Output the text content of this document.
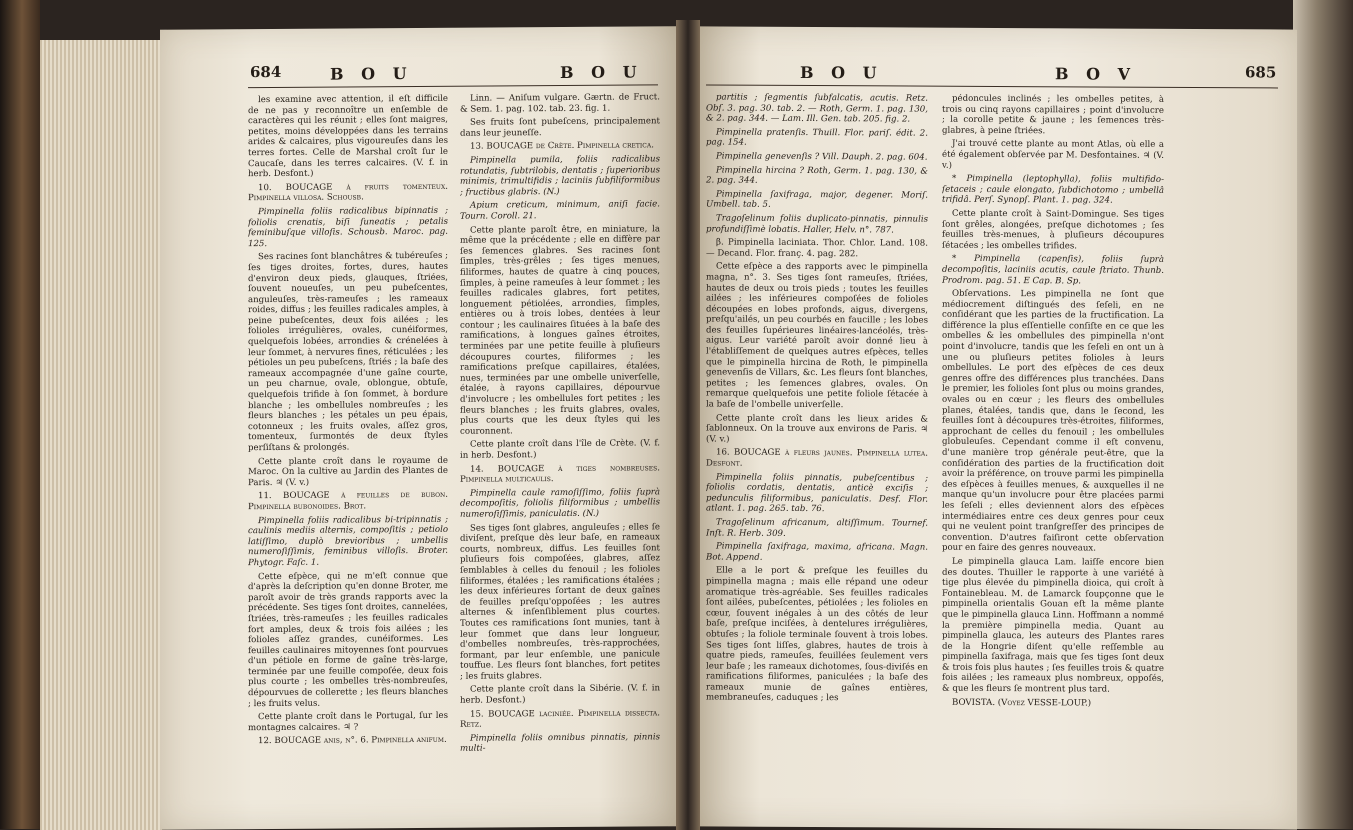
684	B O U	B O U

les examine avec attention, il eſt difficile de ne pas y reconnoître un enſemble de caractères qui les réunit ; elles ſont maigres, petites, moins développées dans les terrains arides & calcaires, plus vigoureuſes dans les terres fortes. Celle de Marshal croît ſur le Caucaſe, dans les terres calcaires. (V. f. in herb. Desfont.)

10. BOUCAGE à fruits tomenteux. Pimpinella villoſa. Schousb.

Pimpinella foliis radicalibus bipinnatis ; foliolis crenatis, biſi ſuneatis ; petalis feminibuſque villoſis. Schousb. Maroc. pag. 125.

Ses racines ſont blanchâtres & tubéreuſes ; ſes tiges droites, fortes, dures, hautes d'environ deux pieds, glauques, ſtriées, ſouvent noueuſes, un peu pubeſcentes, anguleuſes, très-rameuſes ; les rameaux roides, diffus ; les feuilles radicales amples, à peine pubeſcentes, deux fois ailées ; les folioles irrégulières, ovales, cunéiformes, quelquefois lobées, arrondies & crénelées à leur ſommet, à nervures fines, réticulées ; les pétioles un peu pubeſcens, ſtriés ; la baſe des rameaux accompagnée d'une gaîne courte, un peu charnue, ovale, oblongue, obtuſe, quelquefois trifide à ſon ſommet, à bordure blanche ; les ombellules nombreuſes ; les fleurs blanches ; les pétales un peu épais, cotonneux ; les fruits ovales, aſſez gros, tomenteux, ſurmontés de deux ſtyles perſiſtans & prolongés.

Cette plante croît dans le royaume de Maroc. On la cultive au Jardin des Plantes de Paris. ♃ (V. v.)

11. BOUCAGE à feuilles de bubon. Pimpinella bubonoides. Brot.

Pimpinella foliis radicalibus bi-tripinnatis ; caulinis mediis alternis, compoſitis ; petiolo latiſſimo, duplò brevioribus ; umbellis numeroſiſſimis, feminibus villoſis. Broter. Phytogr. Faſc. 1.

Cette eſpèce, qui ne m'eſt connue que d'après la deſcription qu'en donne Broter, me paroît avoir de très grands rapports avec la précédente. Ses tiges ſont droites, cannelées, ſtriées, très-rameuſes ; les feuilles radicales fort amples, deux & trois fois ailées ; les folioles aſſez grandes, cunéiformes. Les feuilles caulinaires mitoyennes ſont pourvues d'un pétiole en forme de gaîne très-large, terminée par une feuille compoſée, deux fois plus courte ; les ombelles très-nombreuſes, dépourvues de collerette ; les fleurs blanches ; les fruits velus.

Cette plante croît dans le Portugal, ſur les montagnes calcaires. ♃ ?

12. BOUCAGE anis, n°. 6. Pimpinella anifum.

Linn. — Aniſum vulgare. Gærtn. de Fruct. & Sem. 1. pag. 102. tab. 23. fig. 1.

Ses fruits ſont pubeſcens, principalement dans leur jeuneſſe.

13. BOUCAGE de Crète. Pimpinella cretica.

Pimpinella pumila, foliis radicalibus rotundatis, ſubtrilobis, dentatis ; ſuperioribus minimis, trimultifidis ; laciniis ſubfiliformibus ; fructibus glabris. (N.)

Apium creticum, minimum, aniſi facie. Tourn. Coroll. 21.

Cette plante paroît être, en miniature, la même que la précédente ; elle en diffère par ſes ſemences glabres. Ses racines ſont ſimples, très-grêles ; ſes tiges menues, filiformes, hautes de quatre à cinq pouces, ſimples, à peine rameuſes à leur ſommet ; les feuilles radicales glabres, fort petites, longuement pétiolées, arrondies, ſimples, entières ou à trois lobes, dentées à leur contour ; les caulinaires ſituées à la baſe des ramifications, à longues gaînes étroites, terminées par une petite feuille à pluſieurs découpures courtes, filiformes ; les ramifications preſque capillaires, étalées, nues, terminées par une ombelle univerſelle, étalée, à rayons capillaires, dépourvue d'involucre ; les ombellules fort petites ; les fleurs blanches ; les fruits glabres, ovales, plus courts que les deux ſtyles qui les couronnent.

Cette plante croît dans l'île de Crète. (V. f. in herb. Desfont.)

14. BOUCAGE à tiges nombreuſes. Pimpinella multicaulis.

Pimpinella caule ramoſiſſimo, foliis ſuprà decompoſitis, foliolis filiformibus ; umbellis numeroſiſſimis, paniculatis. (N.)

Ses tiges ſont glabres, anguleuſes ; elles ſe diviſent, preſque dès leur baſe, en rameaux courts, nombreux, diffus. Les feuilles ſont pluſieurs fois compoſées, glabres, aſſez ſemblables à celles du fenouil ; les folioles filiformes, étalées ; les ramifications étalées ; les deux inférieures ſortant de deux gaînes de feuilles preſqu'oppoſées ; les autres alternes & inſenſiblement plus courtes. Toutes ces ramifications ſont munies, tant à leur ſommet que dans leur longueur, d'ombelles nombreuſes, très-rapprochées, formant, par leur enſemble, une panicule touffue. Les fleurs ſont blanches, fort petites ; les fruits glabres.

Cette plante croît dans la Sibérie. (V. f. in herb. Desfont.)

15. BOUCAGE laciniée. Pimpinella diſſecta. Retz.

Pimpinella foliis omnibus pinnatis, pinnis multi-

B O U	B O V	685

partitis ; ſegmentis ſubfalcatis, acutis. Retz. Obſ. 3. pag. 30. tab. 2. — Roth, Germ. 1. pag. 130, & 2. pag. 344. — Lam. Ill. Gen. tab. 205. fig. 2.

Pimpinella pratenſis. Thuill. Flor. pariſ. édit. 2. pag. 154.

Pimpinella genevenſis ? Vill. Dauph. 2. pag. 604.

Pimpinella hircina ? Roth, Germ. 1. pag. 130, & 2. pag. 344.

Pimpinella ſaxifraga, major, degener. Moriſ. Umbell. tab. 5.

Tragoſelinum foliis duplicato-pinnatis, pinnulis profundiſſimè lobatis. Haller, Helv. n°. 787.

β. Pimpinella laciniata. Thor. Chlor. Land. 108. — Decand. Flor. franç. 4. pag. 282.

Cette eſpèce a des rapports avec le pimpinella magna, n°. 3. Ses tiges ſont rameuſes, ſtriées, hautes de deux ou trois pieds ; toutes les feuilles ailées ; les inférieures compoſées de folioles découpées en lobes profonds, aigus, divergens, preſqu'ailés, un peu courbés en faucille ; les lobes des feuilles ſupérieures linéaires-lancéolés, très-aigus. Leur variété paroît avoir donné lieu à l'établiſſement de quelques autres eſpèces, telles que le pimpinella hircina de Roth, le pimpinella genevenſis de Villars, &c. Les fleurs ſont blanches, petites ; les ſemences glabres, ovales. On remarque quelquefois une petite foliole ſétacée à la baſe de l'ombelle univerſelle.

Cette plante croît dans les lieux arides & ſablonneux. On la trouve aux environs de Paris. ♃ (V. v.)

16. BOUCAGE à fleurs jaunes. Pimpinella lutea. Desfont.

Pimpinella foliis pinnatis, pubeſcentibus ; foliolis cordatis, dentatis, anticè exciſis ; pedunculis filiformibus, paniculatis. Desf. Flor. atlant. 1. pag. 265. tab. 76.

Tragoſelinum africanum, altiſſimum. Tournef. Inſt. R. Herb. 309.

Pimpinella ſaxifraga, maxima, africana. Magn. Bot. Append.

Elle a le port & preſque les feuilles du pimpinella magna ; mais elle répand une odeur aromatique très-agréable. Ses feuilles radicales ſont ailées, pubeſcentes, pétiolées ; les folioles en cœur, ſouvent inégales à un des côtés de leur baſe, preſque inciſées, à dentelures irrégulières, obtuſes ; la foliole terminale ſouvent à trois lobes. Ses tiges ſont liſſes, glabres, hautes de trois à quatre pieds, rameuſes, feuillées ſeulement vers leur baſe ; les rameaux dichotomes, ſous-diviſés en ramifications filiformes, paniculées ; la baſe des rameaux munie de gaînes entières, membraneuſes, caduques ; les

pédoncules inclinés ; les ombelles petites, à trois ou cinq rayons capillaires ; point d'involucre ; la corolle petite & jaune ; les ſemences très-glabres, à peine ſtriées.

J'ai trouvé cette plante au mont Atlas, où elle a été également obſervée par M. Desfontaines. ♃ (V. v.)

* Pimpinella (leptophylla), foliis multifido-ſetaceis ; caule elongato, ſubdichotomo ; umbellâ trifidâ. Perſ. Synopſ. Plant. 1. pag. 324.

Cette plante croît à Saint-Domingue. Ses tiges ſont grêles, alongées, preſque dichotomes ; ſes feuilles très-menues, à pluſieurs découpures ſétacées ; les ombelles trifides.

* Pimpinella (capenſis), foliis ſuprà decompoſitis, laciniis acutis, caule ſtriato. Thunb. Prodrom. pag. 51. E Cap. B. Sp.

Obſervations. Les pimpinella ne ſont que médiocrement diſtingués des ſeſeli, en ne conſidérant que les parties de la fructification. La différence la plus eſſentielle conſiſte en ce que les ombelles & les ombellules des pimpinella n'ont point d'involucre, tandis que les ſeſeli en ont un à une ou pluſieurs petites folioles à leurs ombellules. Le port des eſpèces de ces deux genres offre des différences plus tranchées. Dans le premier, les folioles ſont plus ou moins grandes, ovales ou en cœur ; les fleurs des ombellules planes, étalées, tandis que, dans le ſecond, les feuilles ſont à découpures très-étroites, filiformes, approchant de celles du fenouil ; les ombellules globuleuſes. Cependant comme il eſt convenu, d'une manière trop générale peut-être, que la conſidération des parties de la fructification doit avoir la préférence, on trouve parmi les pimpinella des eſpèces à feuilles menues, & auxquelles il ne manque qu'un involucre pour être placées parmi les ſeſeli ; elles deviennent alors des eſpèces intermédiaires entre ces deux genres pour ceux qui ne veulent point tranſgreſſer des principes de convention. D'autres faiſiront cette obſervation pour en faire des genres nouveaux.

Le pimpinella glauca Lam. laiſſe encore bien des doutes. Thuiller le rapporte à une variété à tige plus élevée du pimpinella dioica, qui croît à Fontainebleau. M. de Lamarck ſoupçonne que le pimpinella orientalis Gouan eſt la même plante que le pimpinella glauca Linn. Hoffmann a nommé la première pimpinella media. Quant au pimpinella glauca, les auteurs des Plantes rares de la Hongrie diſent qu'elle reſſemble au pimpinella ſaxifraga, mais que ſes tiges ſont deux & trois fois plus hautes ; ſes feuilles trois & quatre fois ailées ; les rameaux plus nombreux, oppoſés, & que les fleurs ſe montrent plus tard.

BOVISTA. (Voyez VESSE-LOUP.)
